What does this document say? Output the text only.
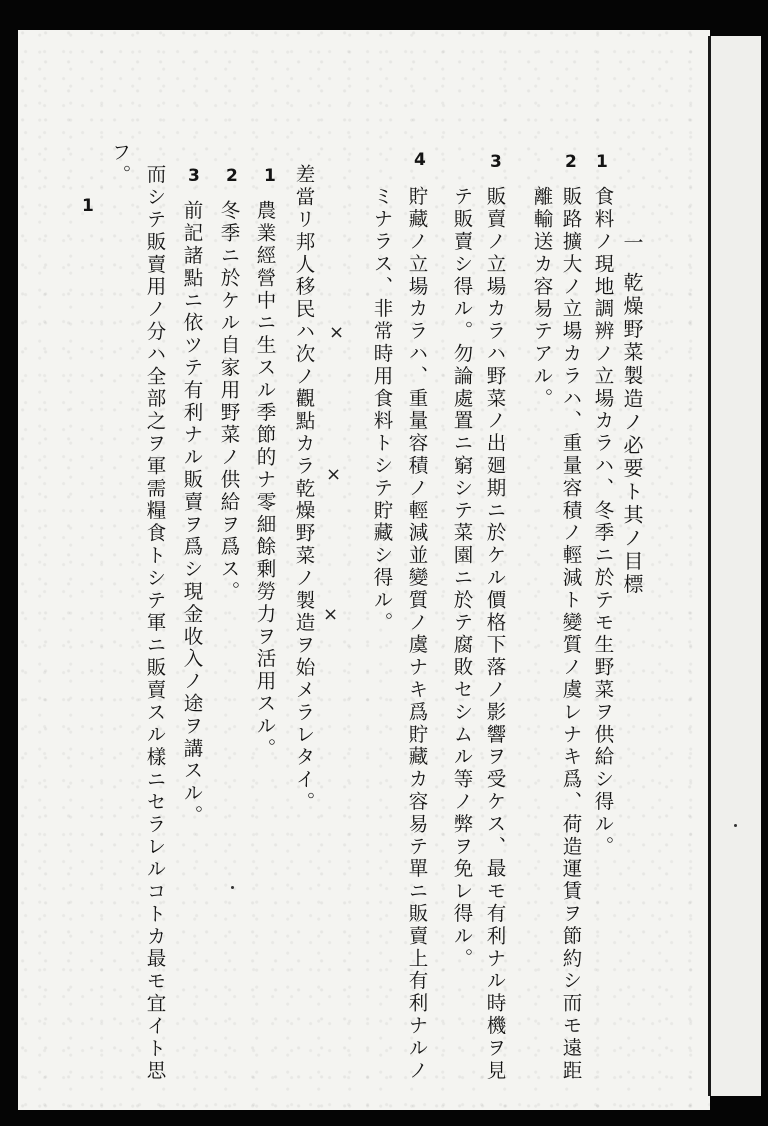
一

乾燥野菜製造ノ必要ト其ノ目標

1

食料ノ現地調辨ノ立場カラハ、冬季ニ於テモ生野菜ヲ供給シ得ル。

2

販路擴大ノ立場カラハ、重量容積ノ輕減ト變質ノ虞レナキ爲、荷造運賃ヲ節約シ而モ遠距

離輸送カ容易テアル。

3

販賣ノ立場カラハ野菜ノ出廻期ニ於ケル價格下落ノ影響ヲ受ケス、最モ有利ナル時機ヲ見

テ販賣シ得ル。勿論處置ニ窮シテ菜園ニ於テ腐敗セシムル等ノ弊ヲ免レ得ル。

4

貯藏ノ立場カラハ、重量容積ノ輕減並變質ノ虞ナキ爲貯藏カ容易テ單ニ販賣上有利ナルノ

ミナラス、非常時用食料トシテ貯藏シ得ル。

×

×

×

差當リ邦人移民ハ次ノ觀點カラ乾燥野菜ノ製造ヲ始メラレタイ。

1

農業經營中ニ生スル季節的ナ零細餘剰勞力ヲ活用スル。

2

冬季ニ於ケル自家用野菜ノ供給ヲ爲ス。

3

前記諸點ニ依ツテ有利ナル販賣ヲ爲シ現金收入ノ途ヲ講スル。

而シテ販賣用ノ分ハ全部之ヲ軍需糧食トシテ軍ニ販賣スル樣ニセラレルコトカ最モ宜イト思

フ。

1
